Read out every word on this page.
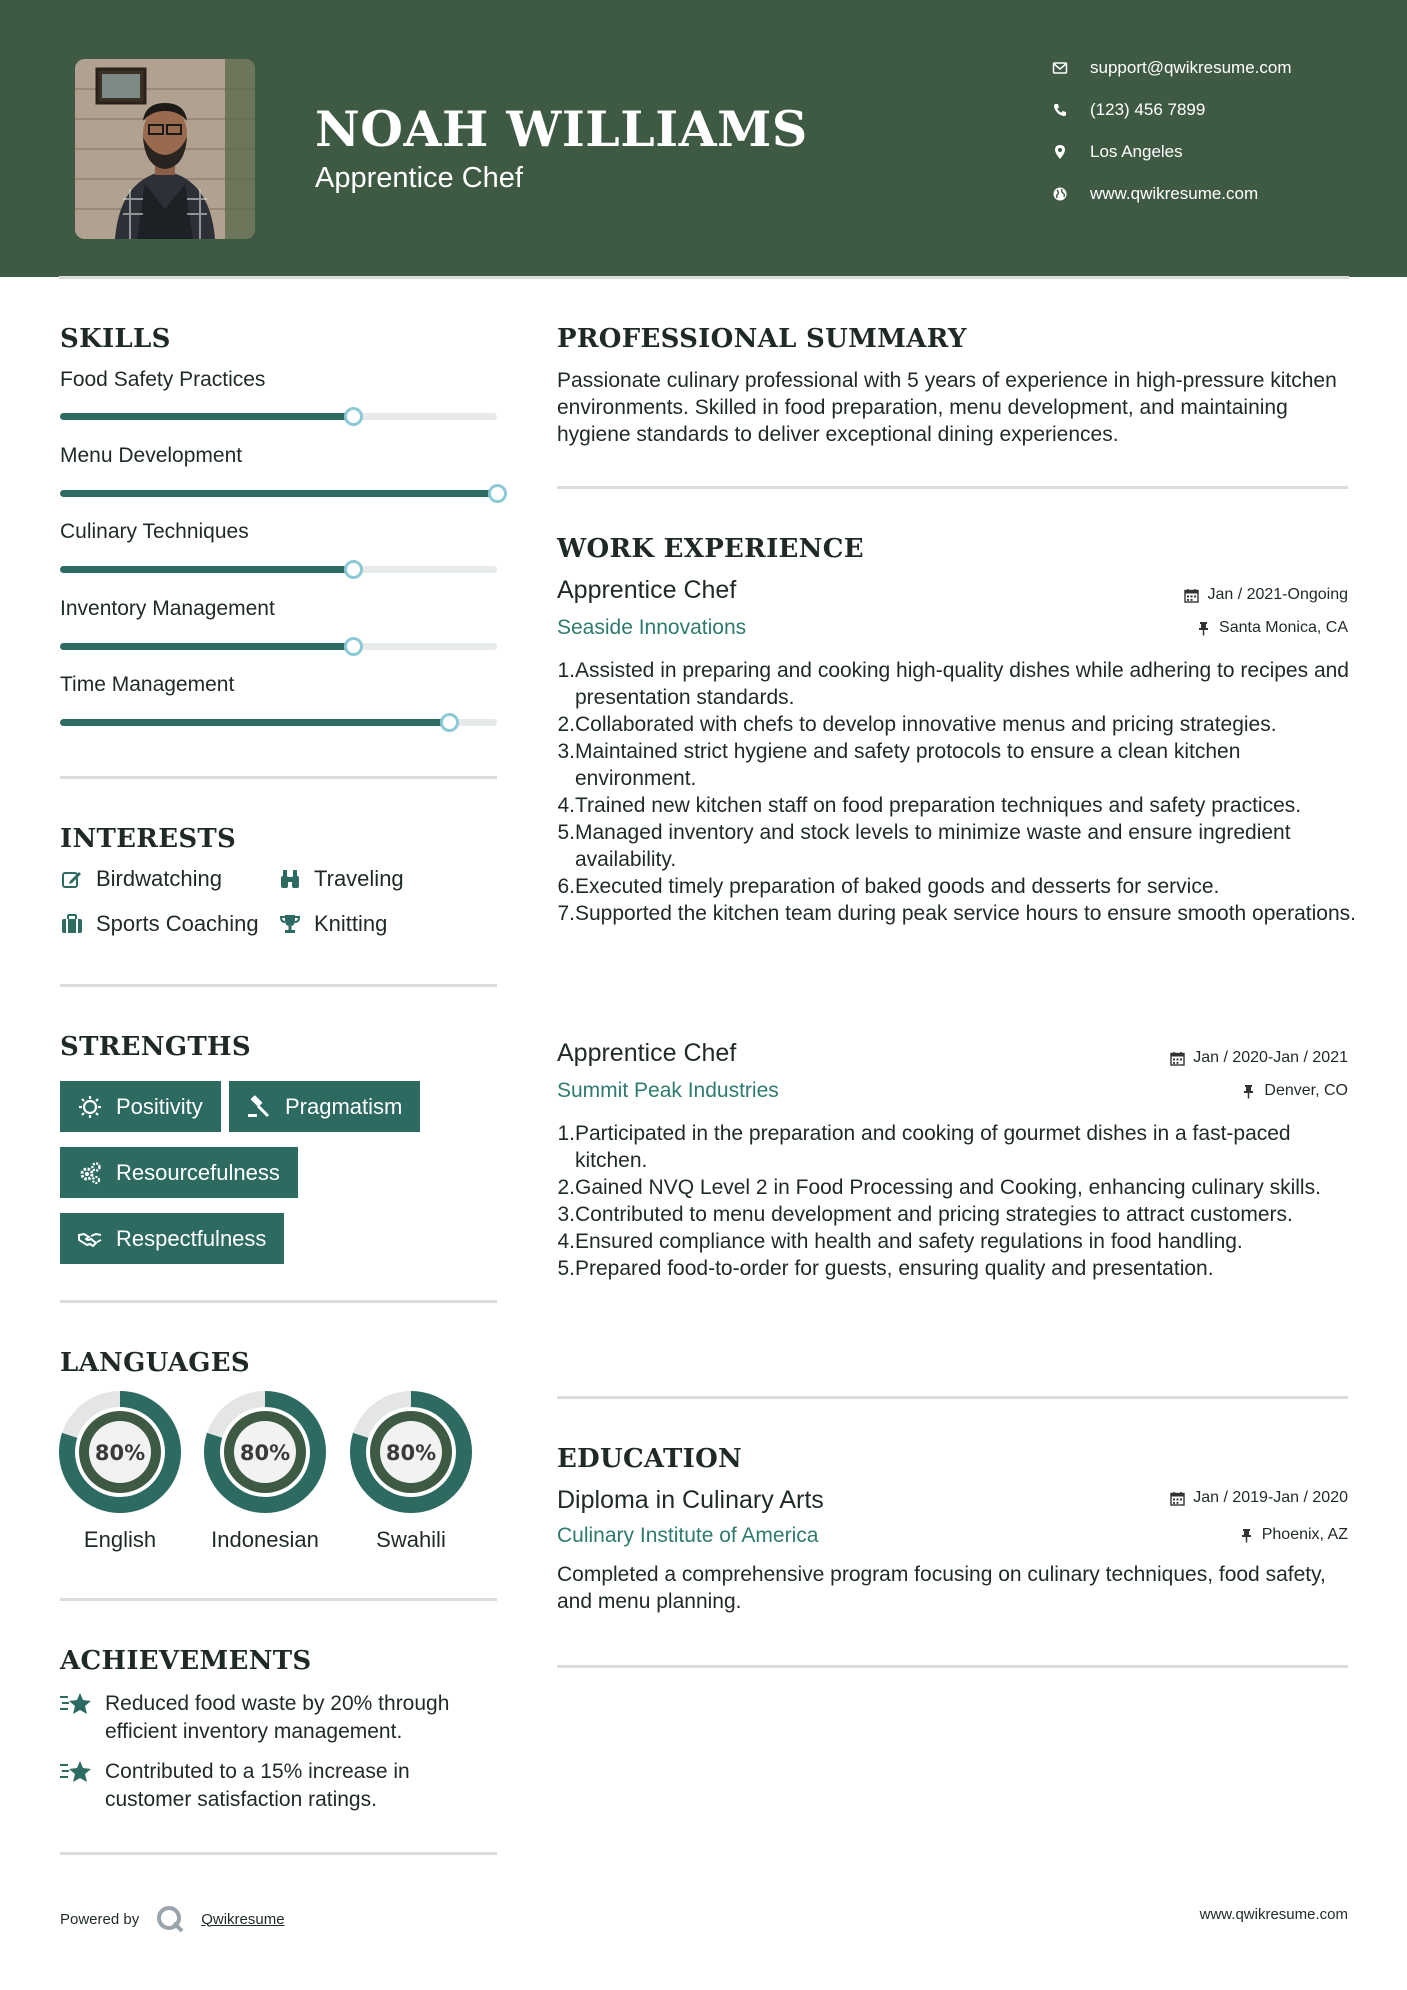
NOAH WILLIAMS
Apprentice Chef
support@qwikresume.com
(123) 456 7899
Los Angeles
www.qwikresume.com
SKILLS
Food Safety Practices
Menu Development
Culinary Techniques
Inventory Management
Time Management
INTERESTS
Birdwatching	Traveling
Sports Coaching	Knitting
STRENGTHS
Positivity	Pragmatism
Resourcefulness
Respectfulness
LANGUAGES
80%
English
80%
Indonesian
80%
Swahili
ACHIEVEMENTS
Reduced food waste by 20% through efficient inventory management.
Contributed to a 15% increase in customer satisfaction ratings.
PROFESSIONAL SUMMARY
Passionate culinary professional with 5 years of experience in high-pressure kitchen environments. Skilled in food preparation, menu development, and maintaining hygiene standards to deliver exceptional dining experiences.
WORK EXPERIENCE
Apprentice Chef	Jan / 2021-Ongoing
Seaside Innovations	Santa Monica, CA
1. Assisted in preparing and cooking high-quality dishes while adhering to recipes and presentation standards.
2. Collaborated with chefs to develop innovative menus and pricing strategies.
3. Maintained strict hygiene and safety protocols to ensure a clean kitchen environment.
4. Trained new kitchen staff on food preparation techniques and safety practices.
5. Managed inventory and stock levels to minimize waste and ensure ingredient availability.
6. Executed timely preparation of baked goods and desserts for service.
7. Supported the kitchen team during peak service hours to ensure smooth operations.
Apprentice Chef	Jan / 2020-Jan / 2021
Summit Peak Industries	Denver, CO
1. Participated in the preparation and cooking of gourmet dishes in a fast-paced kitchen.
2. Gained NVQ Level 2 in Food Processing and Cooking, enhancing culinary skills.
3. Contributed to menu development and pricing strategies to attract customers.
4. Ensured compliance with health and safety regulations in food handling.
5. Prepared food-to-order for guests, ensuring quality and presentation.
EDUCATION
Diploma in Culinary Arts	Jan / 2019-Jan / 2020
Culinary Institute of America	Phoenix, AZ
Completed a comprehensive program focusing on culinary techniques, food safety, and menu planning.
Powered by	Qwikresume	www.qwikresume.com
